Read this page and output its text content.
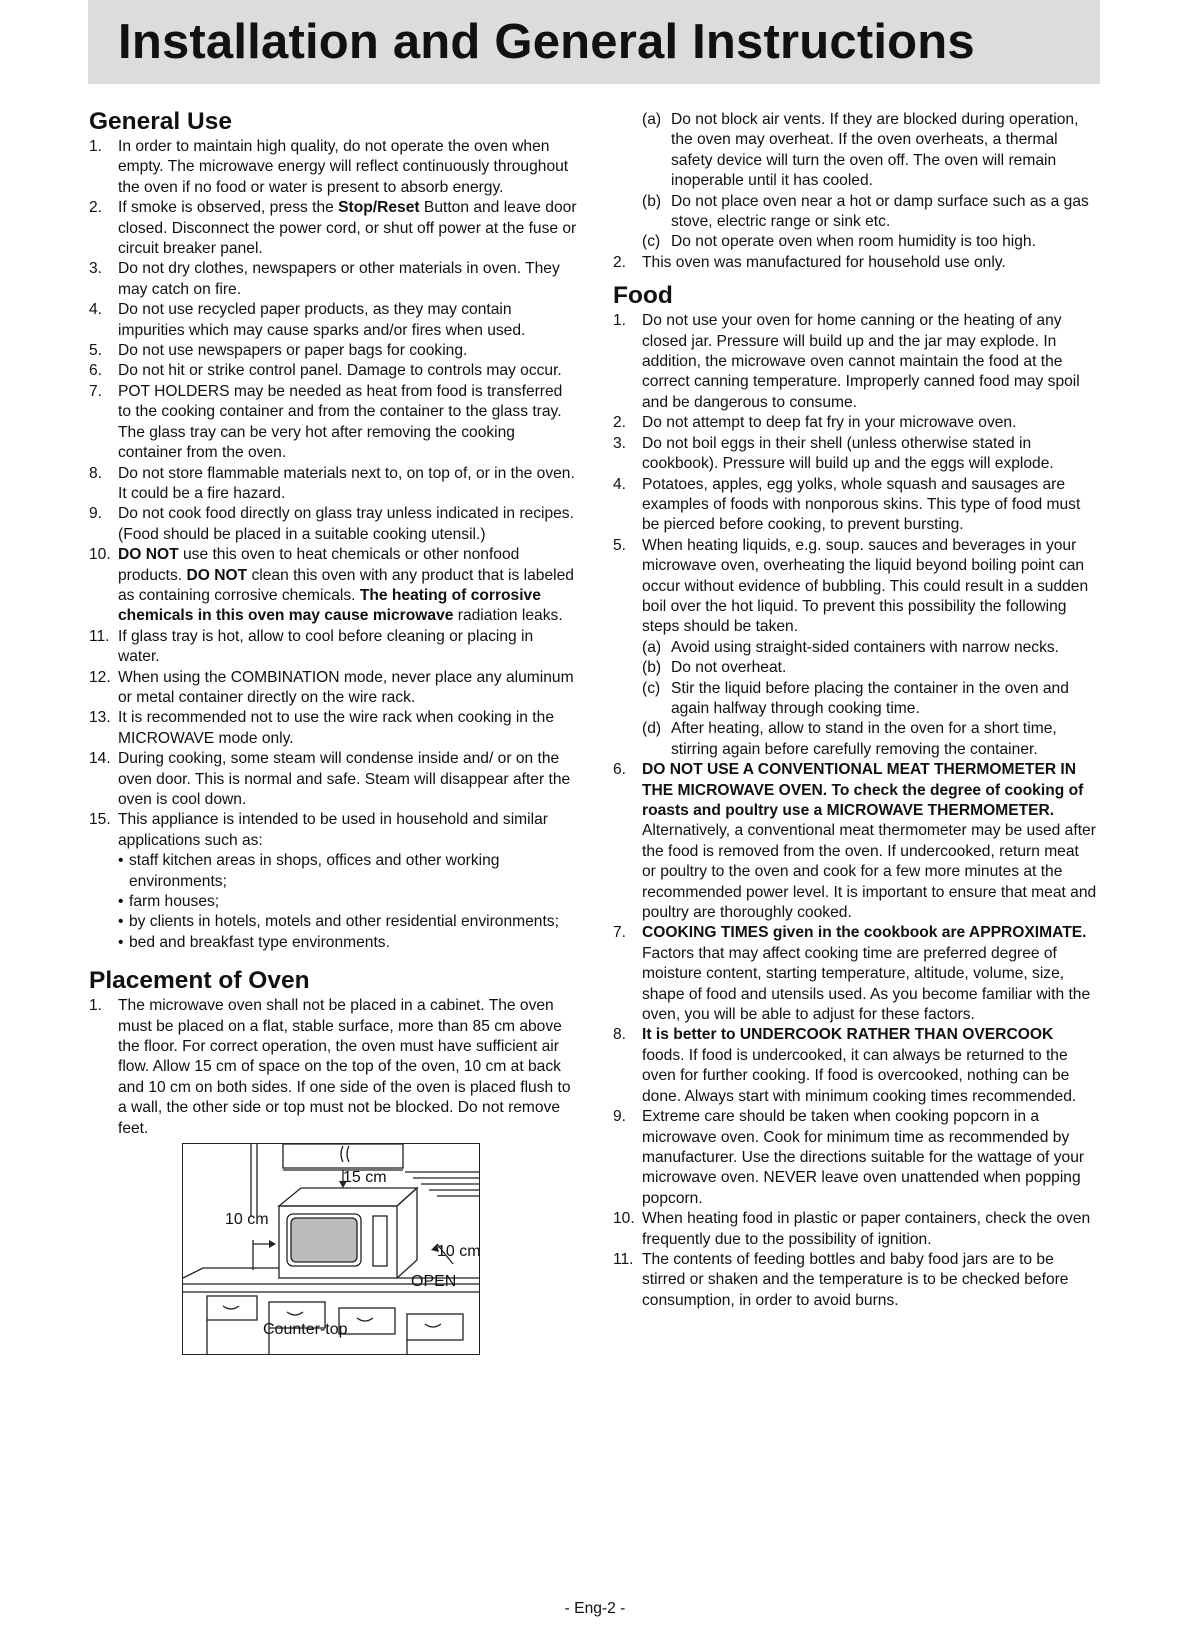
Installation and General Instructions
General Use
1. In order to maintain high quality, do not operate the oven when empty. The microwave energy will reflect continuously throughout the oven if no food or water is present to absorb energy.
2. If smoke is observed, press the Stop/Reset Button and leave door closed. Disconnect the power cord, or shut off power at the fuse or circuit breaker panel.
3. Do not dry clothes, newspapers or other materials in oven. They may catch on fire.
4. Do not use recycled paper products, as they may contain impurities which may cause sparks and/or fires when used.
5. Do not use newspapers or paper bags for cooking.
6. Do not hit or strike control panel. Damage to controls may occur.
7. POT HOLDERS may be needed as heat from food is transferred to the cooking container and from the container to the glass tray. The glass tray can be very hot after removing the cooking container from the oven.
8. Do not store flammable materials next to, on top of, or in the oven. It could be a fire hazard.
9. Do not cook food directly on glass tray unless indicated in recipes. (Food should be placed in a suitable cooking utensil.)
10. DO NOT use this oven to heat chemicals or other nonfood products. DO NOT clean this oven with any product that is labeled as containing corrosive chemicals. The heating of corrosive chemicals in this oven may cause microwave radiation leaks.
11. If glass tray is hot, allow to cool before cleaning or placing in water.
12. When using the COMBINATION mode, never place any aluminum or metal container directly on the wire rack.
13. It is recommended not to use the wire rack when cooking in the MICROWAVE mode only.
14. During cooking, some steam will condense inside and/ or on the oven door. This is normal and safe. Steam will disappear after the oven is cool down.
15. This appliance is intended to be used in household and similar applications such as:
• staff kitchen areas in shops, offices and other working environments;
• farm houses;
• by clients in hotels, motels and other residential environments;
• bed and breakfast type environments.
Placement of Oven
1. The microwave oven shall not be placed in a cabinet. The oven must be placed on a flat, stable surface, more than 85 cm above the floor. For correct operation, the oven must have sufficient air flow. Allow 15 cm of space on the top of the oven, 10 cm at back and 10 cm on both sides. If one side of the oven is placed flush to a wall, the other side or top must not be blocked. Do not remove feet.
15 cm
10 cm
10 cm
OPEN
Counter-top
(a) Do not block air vents. If they are blocked during operation, the oven may overheat. If the oven overheats, a thermal safety device will turn the oven off. The oven will remain inoperable until it has cooled.
(b) Do not place oven near a hot or damp surface such as a gas stove, electric range or sink etc.
(c) Do not operate oven when room humidity is too high.
2. This oven was manufactured for household use only.
Food
1. Do not use your oven for home canning or the heating of any closed jar. Pressure will build up and the jar may explode. In addition, the microwave oven cannot maintain the food at the correct canning temperature. Improperly canned food may spoil and be dangerous to consume.
2. Do not attempt to deep fat fry in your microwave oven.
3. Do not boil eggs in their shell (unless otherwise stated in cookbook). Pressure will build up and the eggs will explode.
4. Potatoes, apples, egg yolks, whole squash and sausages are examples of foods with nonporous skins. This type of food must be pierced before cooking, to prevent bursting.
5. When heating liquids, e.g. soup. sauces and beverages in your microwave oven, overheating the liquid beyond boiling point can occur without evidence of bubbling. This could result in a sudden boil over the hot liquid. To prevent this possibility the following steps should be taken.
(a) Avoid using straight-sided containers with narrow necks.
(b) Do not overheat.
(c) Stir the liquid before placing the container in the oven and again halfway through cooking time.
(d) After heating, allow to stand in the oven for a short time, stirring again before carefully removing the container.
6. DO NOT USE A CONVENTIONAL MEAT THERMOMETER IN THE MICROWAVE OVEN. To check the degree of cooking of roasts and poultry use a MICROWAVE THERMOMETER. Alternatively, a conventional meat thermometer may be used after the food is removed from the oven. If undercooked, return meat or poultry to the oven and cook for a few more minutes at the recommended power level. It is important to ensure that meat and poultry are thoroughly cooked.
7. COOKING TIMES given in the cookbook are APPROXIMATE. Factors that may affect cooking time are preferred degree of moisture content, starting temperature, altitude, volume, size, shape of food and utensils used. As you become familiar with the oven, you will be able to adjust for these factors.
8. It is better to UNDERCOOK RATHER THAN OVERCOOK foods. If food is undercooked, it can always be returned to the oven for further cooking. If food is overcooked, nothing can be done. Always start with minimum cooking times recommended.
9. Extreme care should be taken when cooking popcorn in a microwave oven. Cook for minimum time as recommended by manufacturer. Use the directions suitable for the wattage of your microwave oven. NEVER leave oven unattended when popping popcorn.
10. When heating food in plastic or paper containers, check the oven frequently due to the possibility of ignition.
11. The contents of feeding bottles and baby food jars are to be stirred or shaken and the temperature is to be checked before consumption, in order to avoid burns.
- Eng-2 -
